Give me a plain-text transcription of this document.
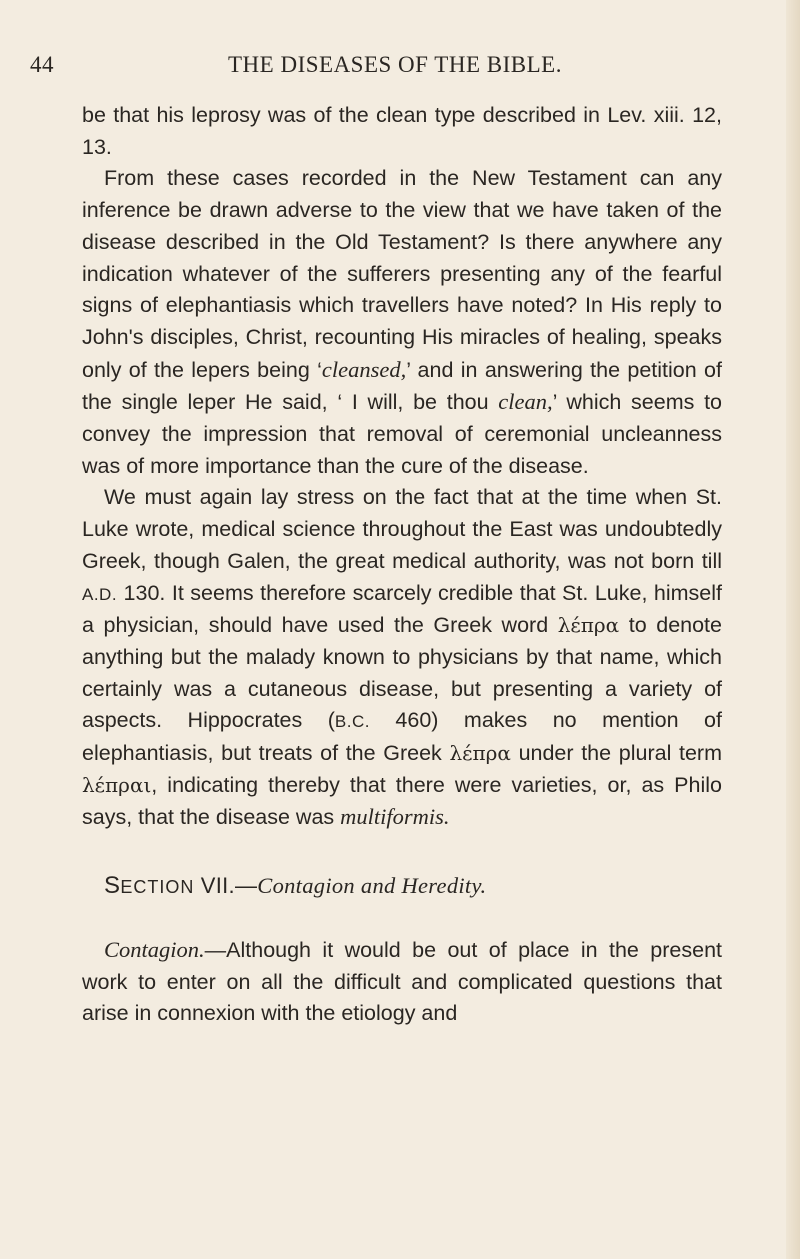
44	THE DISEASES OF THE BIBLE.

be that his leprosy was of the clean type described in Lev. xiii. 12, 13.

From these cases recorded in the New Testament can any inference be drawn adverse to the view that we have taken of the disease described in the Old Testament? Is there anywhere any indication whatever of the sufferers presenting any of the fearful signs of elephantiasis which travellers have noted? In His reply to John's disciples, Christ, recounting His miracles of healing, speaks only of the lepers being ‘cleansed,’ and in answering the petition of the single leper He said, ‘ I will, be thou clean,’ which seems to convey the impression that removal of ceremonial uncleanness was of more importance than the cure of the disease.

We must again lay stress on the fact that at the time when St. Luke wrote, medical science throughout the East was undoubtedly Greek, though Galen, the great medical authority, was not born till A.D. 130. It seems therefore scarcely credible that St. Luke, himself a physician, should have used the Greek word λέπρα to denote anything but the malady known to physicians by that name, which certainly was a cutaneous disease, but presenting a variety of aspects. Hippocrates (B.C. 460) makes no mention of elephantiasis, but treats of the Greek λέπρα under the plural term λέπραι, indicating thereby that there were varieties, or, as Philo says, that the disease was multiformis.

SECTION VII.—Contagion and Heredity.

Contagion.—Although it would be out of place in the present work to enter on all the difficult and complicated questions that arise in connexion with the etiology and
